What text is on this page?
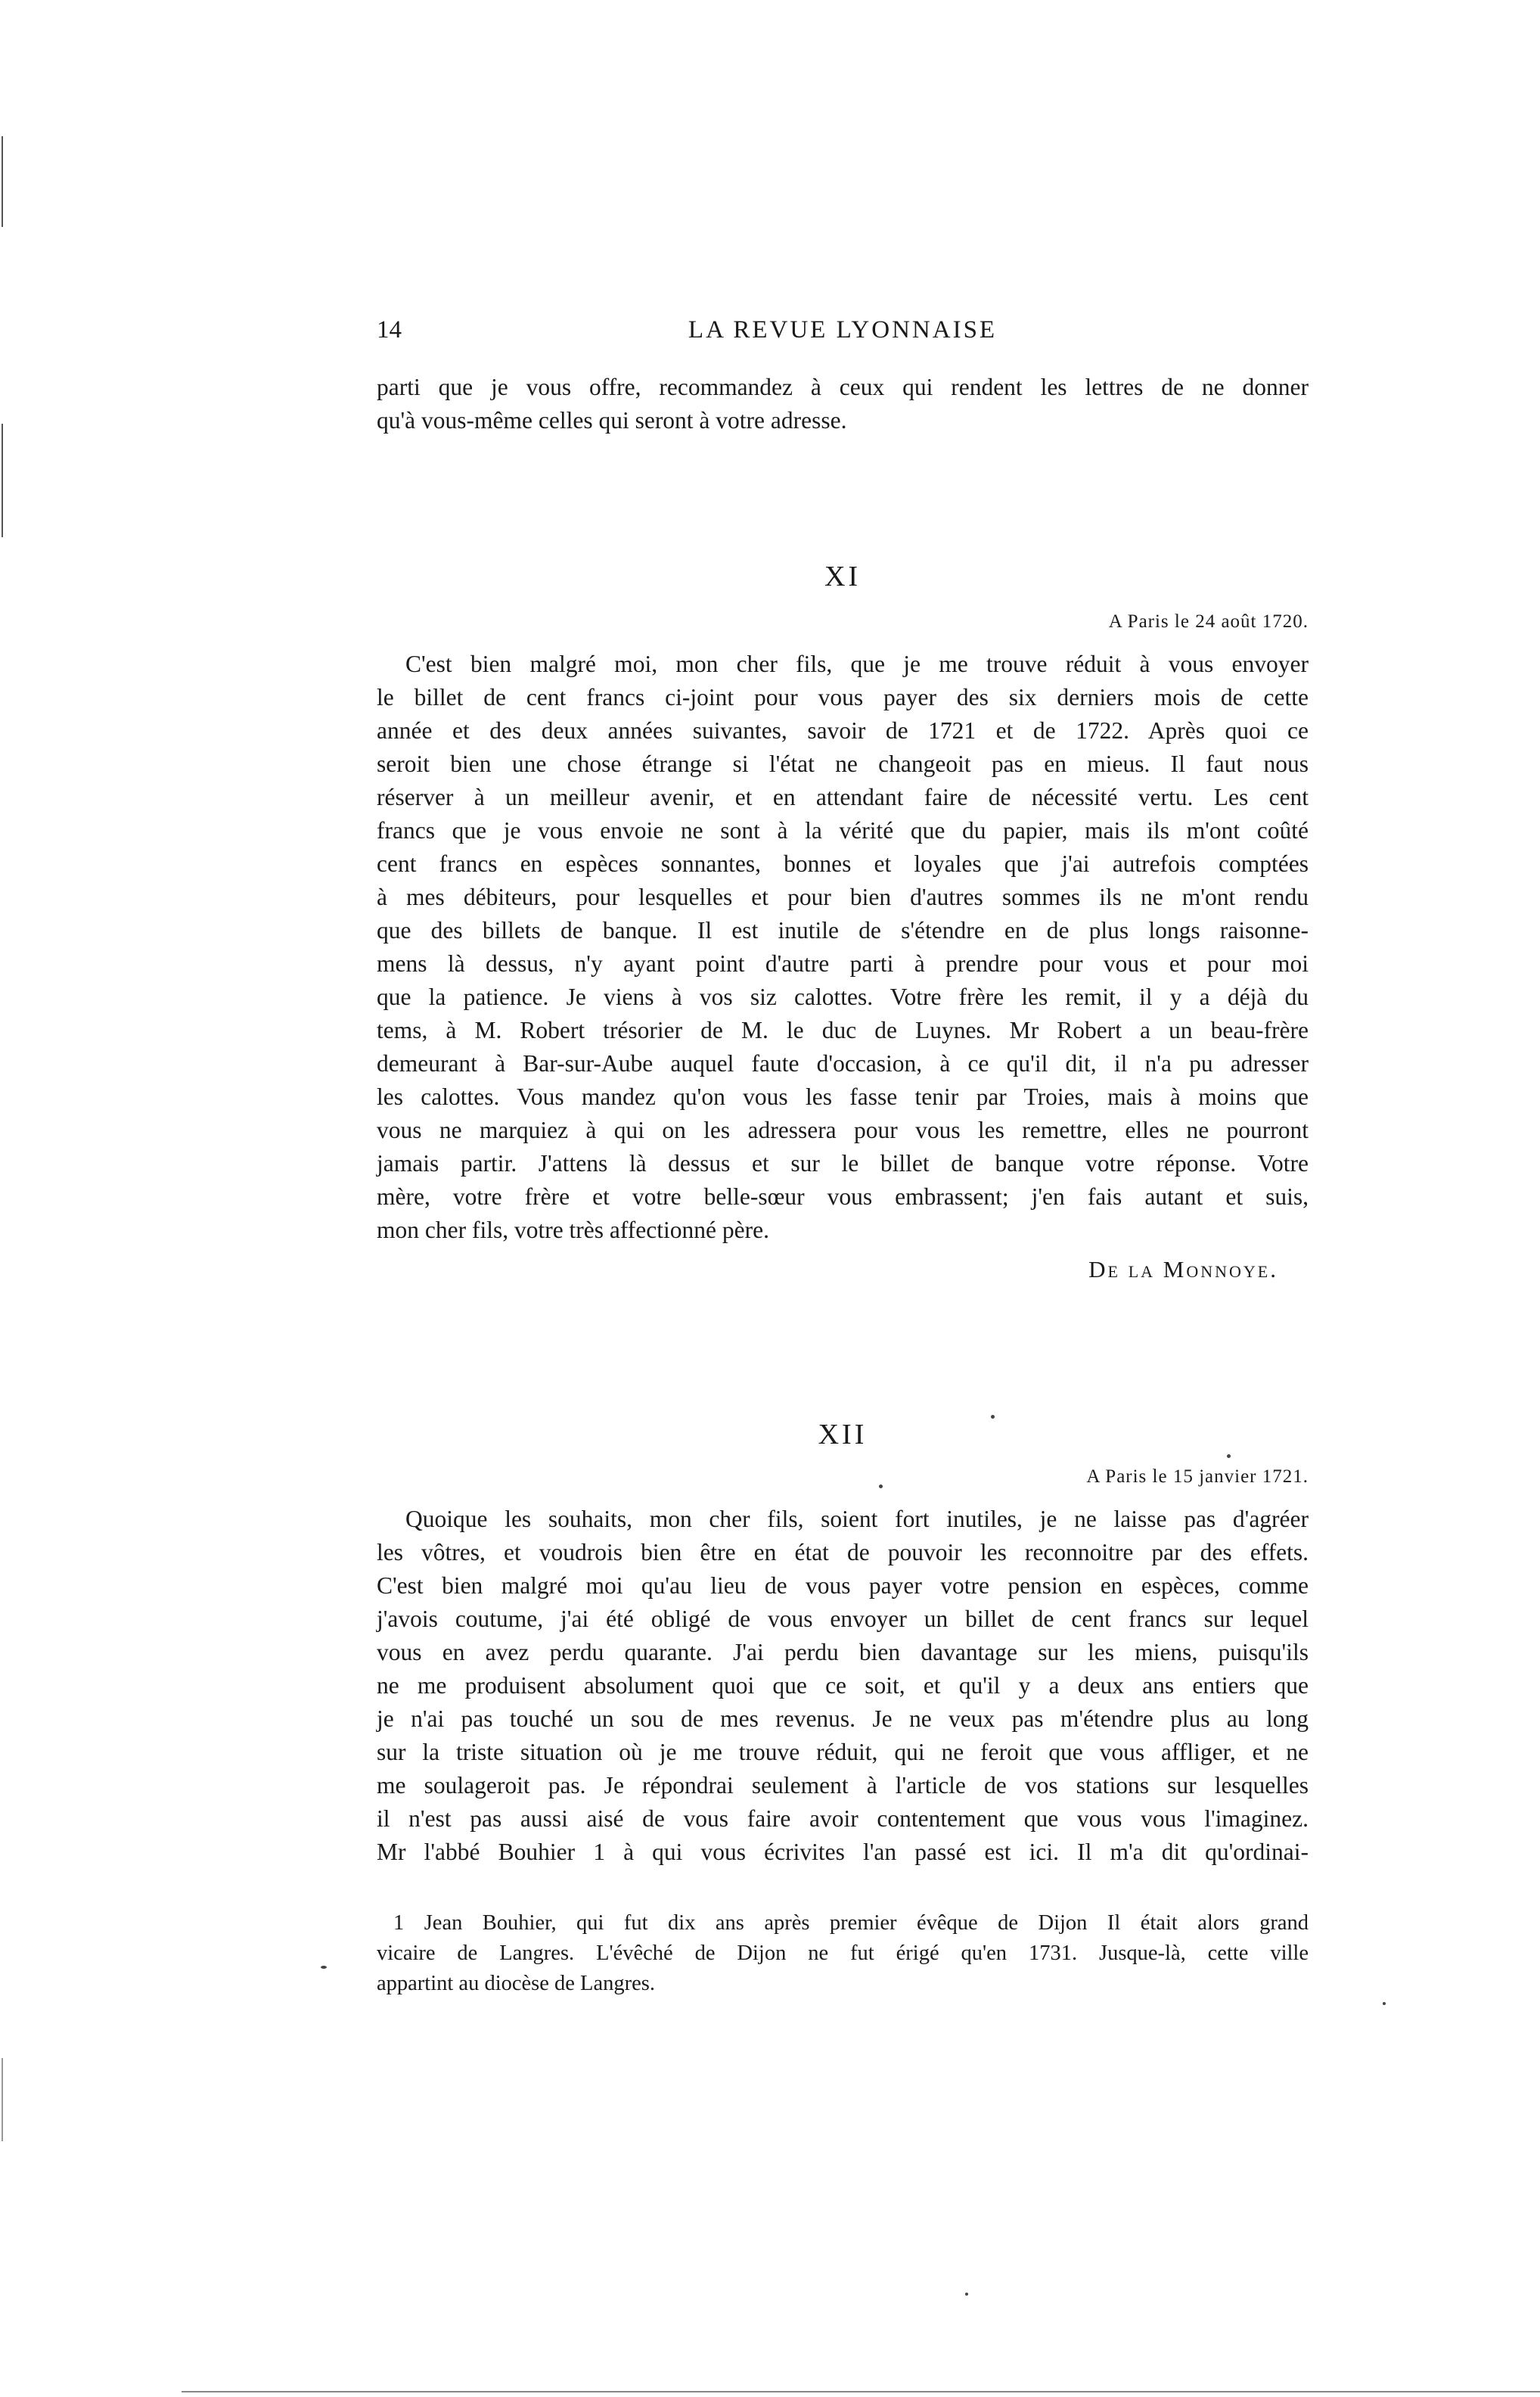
14	LA REVUE LYONNAISE
parti que je vous offre, recommandez à ceux qui rendent les lettres de ne donner
qu'à vous-même celles qui seront à votre adresse.
XI
A Paris le 24 août 1720.
C'est bien malgré moi, mon cher fils, que je me trouve réduit à vous envoyer
le billet de cent francs ci-joint pour vous payer des six derniers mois de cette
année et des deux années suivantes, savoir de 1721 et de 1722. Après quoi ce
seroit bien une chose étrange si l'état ne changeoit pas en mieus. Il faut nous
réserver à un meilleur avenir, et en attendant faire de nécessité vertu. Les cent
francs que je vous envoie ne sont à la vérité que du papier, mais ils m'ont coûté
cent francs en espèces sonnantes, bonnes et loyales que j'ai autrefois comptées
à mes débiteurs, pour lesquelles et pour bien d'autres sommes ils ne m'ont rendu
que des billets de banque. Il est inutile de s'étendre en de plus longs raisonne-
mens là dessus, n'y ayant point d'autre parti à prendre pour vous et pour moi
que la patience. Je viens à vos siz calottes. Votre frère les remit, il y a déjà du
tems, à M. Robert trésorier de M. le duc de Luynes. Mr Robert a un beau-frère
demeurant à Bar-sur-Aube auquel faute d'occasion, à ce qu'il dit, il n'a pu adresser
les calottes. Vous mandez qu'on vous les fasse tenir par Troies, mais à moins que
vous ne marquiez à qui on les adressera pour vous les remettre, elles ne pourront
jamais partir. J'attens là dessus et sur le billet de banque votre réponse. Votre
mère, votre frère et votre belle-sœur vous embrassent; j'en fais autant et suis,
mon cher fils, votre très affectionné père.
De la Monnoye.
XII
A Paris le 15 janvier 1721.
Quoique les souhaits, mon cher fils, soient fort inutiles, je ne laisse pas d'agréer
les vôtres, et voudrois bien être en état de pouvoir les reconnoitre par des effets.
C'est bien malgré moi qu'au lieu de vous payer votre pension en espèces, comme
j'avois coutume, j'ai été obligé de vous envoyer un billet de cent francs sur lequel
vous en avez perdu quarante. J'ai perdu bien davantage sur les miens, puisqu'ils
ne me produisent absolument quoi que ce soit, et qu'il y a deux ans entiers que
je n'ai pas touché un sou de mes revenus. Je ne veux pas m'étendre plus au long
sur la triste situation où je me trouve réduit, qui ne feroit que vous affliger, et ne
me soulageroit pas. Je répondrai seulement à l'article de vos stations sur lesquelles
il n'est pas aussi aisé de vous faire avoir contentement que vous vous l'imaginez.
Mr l'abbé Bouhier 1 à qui vous écrivites l'an passé est ici. Il m'a dit qu'ordinai-
1 Jean Bouhier, qui fut dix ans après premier évêque de Dijon Il était alors grand
vicaire de Langres. L'évêché de Dijon ne fut érigé qu'en 1731. Jusque-là, cette ville
appartint au diocèse de Langres.
